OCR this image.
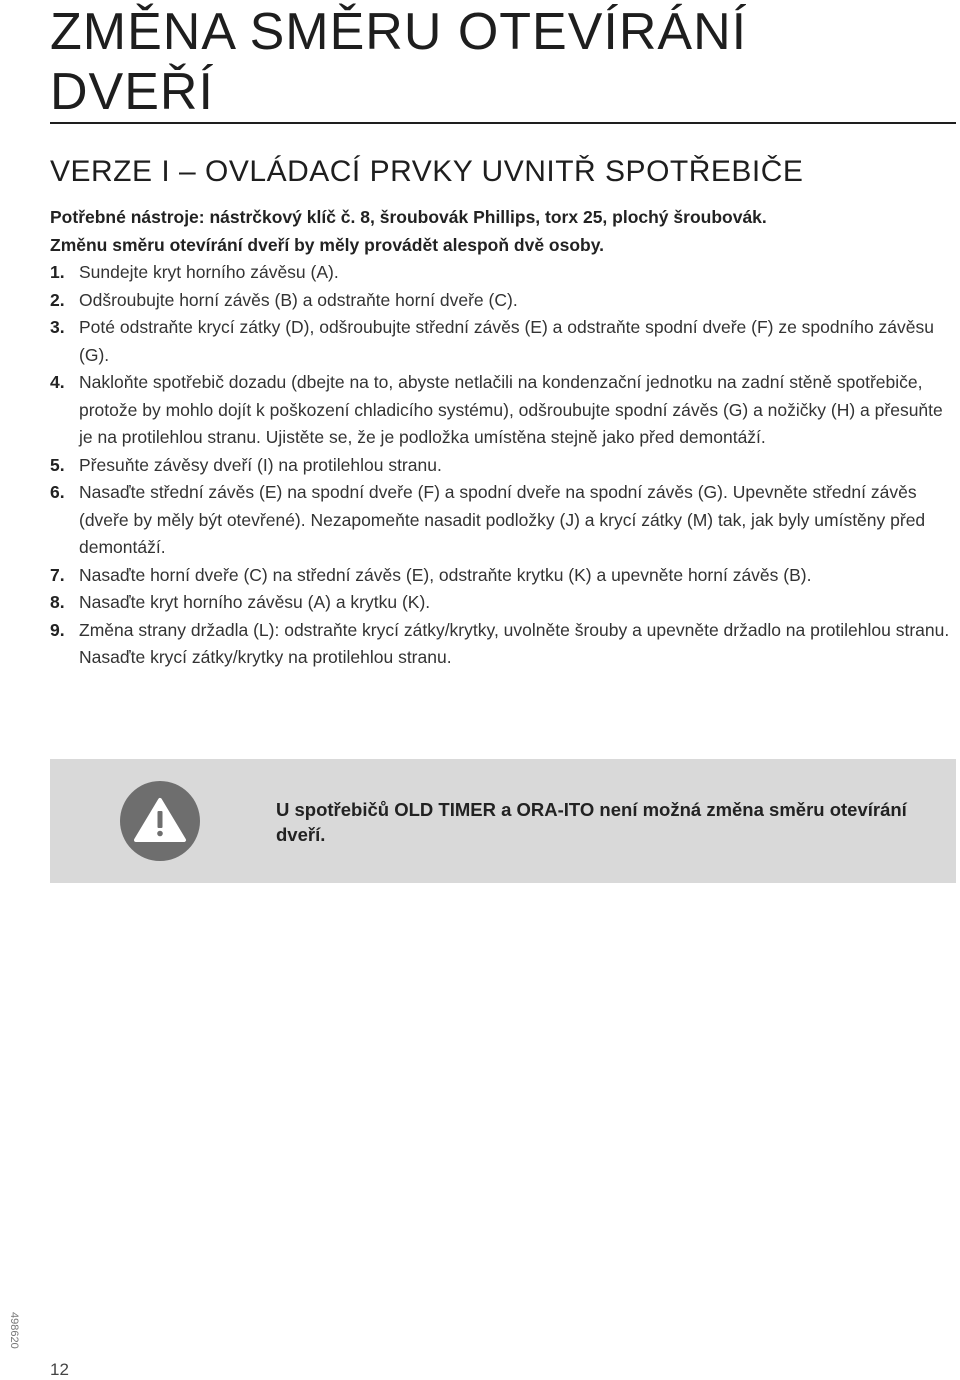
ZMĚNA SMĚRU OTEVÍRÁNÍ DVEŘÍ
VERZE I – OVLÁDACÍ PRVKY UVNITŘ SPOTŘEBIČE
Potřebné nástroje: nástrčkový klíč č. 8, šroubovák Phillips, torx 25, plochý šroubovák.
Změnu směru otevírání dveří by měly provádět alespoň dvě osoby.
1. Sundejte kryt horního závěsu (A).
2. Odšroubujte horní závěs (B) a odstraňte horní dveře (C).
3. Poté odstraňte krycí zátky (D), odšroubujte střední závěs (E) a odstraňte spodní dveře (F) ze spodního závěsu (G).
4. Nakloňte spotřebič dozadu (dbejte na to, abyste netlačili na kondenzační jednotku na zadní stěně spotřebiče, protože by mohlo dojít k poškození chladicího systému), odšroubujte spodní závěs (G) a nožičky (H) a přesuňte je na protilehlou stranu. Ujistěte se, že je podložka umístěna stejně jako před demontáží.
5. Přesuňte závěsy dveří (I) na protilehlou stranu.
6. Nasaďte střední závěs (E) na spodní dveře (F) a spodní dveře na spodní závěs (G). Upevněte střední závěs (dveře by měly být otevřené). Nezapomeňte nasadit podložky (J) a krycí zátky (M) tak, jak byly umístěny před demontáží.
7. Nasaďte horní dveře (C) na střední závěs (E), odstraňte krytku (K) a upevněte horní závěs (B).
8. Nasaďte kryt horního závěsu (A) a krytku (K).
9. Změna strany držadla (L): odstraňte krycí zátky/krytky, uvolněte šrouby a upevněte držadlo na protilehlou stranu. Nasaďte krycí zátky/krytky na protilehlou stranu.
U spotřebičů OLD TIMER a ORA-ITO není možná změna směru otevírání dveří.
498620
12
